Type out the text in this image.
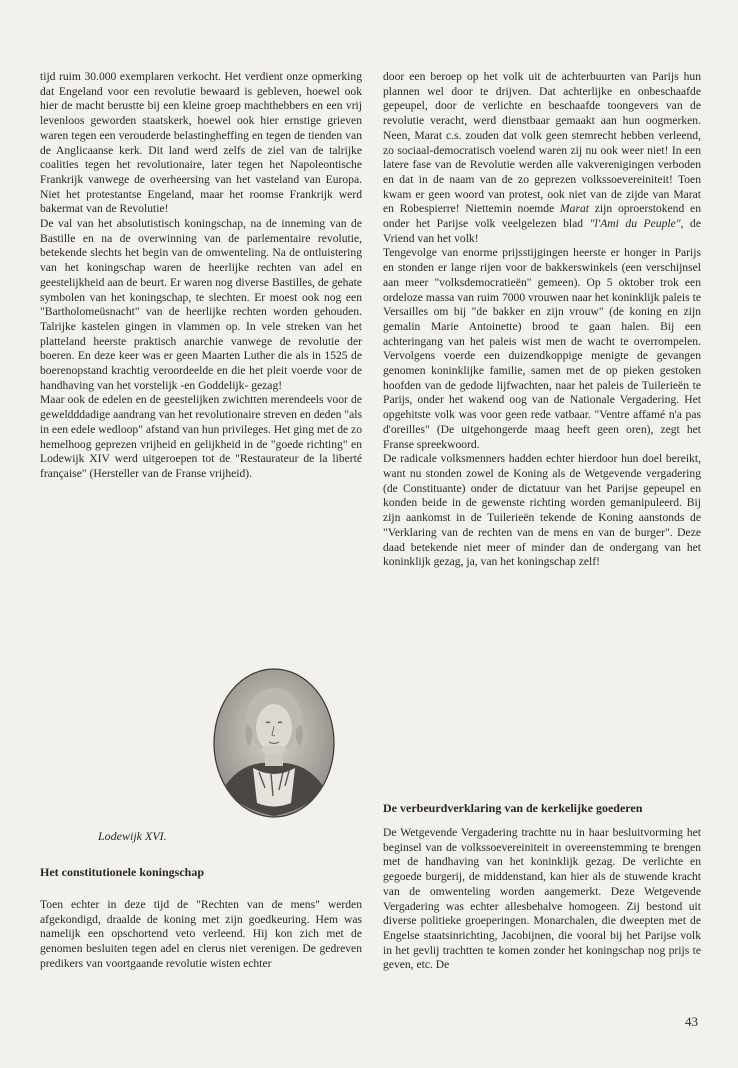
tijd ruim 30.000 exemplaren verkocht. Het verdient onze opmerking dat Engeland voor een revolutie bewaard is gebleven, hoewel ook hier de macht berustte bij een kleine groep machthebbers en een vrij levenloos geworden staatskerk, hoewel ook hier ernstige grieven waren tegen een verouderde belastingheffing en tegen de tienden van de Anglicaanse kerk. Dit land werd zelfs de ziel van de talrijke coalities tegen het revolutionaire, later tegen het Napoleontische Frankrijk vanwege de overheersing van het vasteland van Europa. Niet het protestantse Engeland, maar het roomse Frankrijk werd bakermat van de Revolutie!

De val van het absolutistisch koningschap, na de inneming van de Bastille en na de overwinning van de parlementaire revolutie, betekende slechts het begin van de omwenteling. Na de ontluistering van het koningschap waren de heerlijke rechten van adel en geestelijkheid aan de beurt. Er waren nog diverse Bastilles, de gehate symbolen van het koningschap, te slechten. Er moest ook nog een "Bartholomeüsnacht" van de heerlijke rechten worden gehouden. Talrijke kastelen gingen in vlammen op. In vele streken van het platteland heerste praktisch anarchie vanwege de revolutie der boeren. En deze keer was er geen Maarten Luther die als in 1525 de boerenopstand krachtig veroordeelde en die het pleit voerde voor de handhaving van het vorstelijk -en Goddelijk- gezag!

Maar ook de edelen en de geestelijken zwichtten merendeels voor de geweldddadige aandrang van het revolutionaire streven en deden "als in een edele wedloop" afstand van hun privileges. Het ging met de zo hemelhoog geprezen vrijheid en gelijkheid in de "goede richting" en Lodewijk XIV werd uitgeroepen tot de "Restaurateur de la liberté française" (Hersteller van de Franse vrijheid).

Lodewijk XVI.
Het constitutionele koningschap

Toen echter in deze tijd de "Rechten van de mens" werden afgekondigd, draalde de koning met zijn goedkeuring. Hem was namelijk een opschortend veto verleend. Hij kon zich met de genomen besluiten tegen adel en clerus niet verenigen. De gedreven predikers van voortgaande revolutie wisten echter

door een beroep op het volk uit de achterbuurten van Parijs hun plannen wel door te drijven. Dat achterlijke en onbeschaafde gepeupel, door de verlichte en beschaafde toongevers van de revolutie veracht, werd dienstbaar gemaakt aan hun oogmerken. Neen, Marat c.s. zouden dat volk geen stemrecht hebben verleend, zo sociaal-democratisch voelend waren zij nu ook weer niet! In een latere fase van de Revolutie werden alle vakverenigingen verboden en dat in de naam van de zo geprezen volkssoevereiniteit! Toen kwam er geen woord van protest, ook niet van de zijde van Marat en Robespierre! Niettemin noemde Marat zijn oproerstokend en onder het Parijse volk veelgelezen blad "l'Ami du Peuple", de Vriend van het volk!

Tengevolge van enorme prijsstijgingen heerste er honger in Parijs en stonden er lange rijen voor de bakkerswinkels (een verschijnsel aan meer "volksdemocratieën" gemeen). Op 5 oktober trok een ordeloze massa van ruim 7000 vrouwen naar het koninklijk paleis te Versailles om bij "de bakker en zijn vrouw" (de koning en zijn gemalin Marie Antoinette) brood te gaan halen. Bij een achteringang van het paleis wist men de wacht te overrompelen. Vervolgens voerde een duizendkoppige menigte de gevangen genomen koninklijke familie, samen met de op pieken gestoken hoofden van de gedode lijfwachten, naar het paleis de Tuilerieën te Parijs, onder het wakend oog van de Nationale Vergadering. Het opgehitste volk was voor geen rede vatbaar. "Ventre affamé n'a pas d'oreilles" (De uitgehongerde maag heeft geen oren), zegt het Franse spreekwoord.

De radicale volksmenners hadden echter hierdoor hun doel bereikt, want nu stonden zowel de Koning als de Wetgevende vergadering (de Constituante) onder de dictatuur van het Parijse gepeupel en konden beide in de gewenste richting worden gemanipuleerd. Bij zijn aankomst in de Tuilerieën tekende de Koning aanstonds de "Verklaring van de rechten van de mens en van de burger". Deze daad betekende niet meer of minder dan de ondergang van het koninklijk gezag, ja, van het koningschap zelf!

De verbeurdverklaring van de kerkelijke goederen

De Wetgevende Vergadering trachtte nu in haar besluitvorming het beginsel van de volkssoevereiniteit in overeenstemming te brengen met de handhaving van het koninklijk gezag. De verlichte en gegoede burgerij, de middenstand, kan hier als de stuwende kracht van de omwenteling worden aangemerkt. Deze Wetgevende Vergadering was echter allesbehalve homogeen. Zij bestond uit diverse politieke groeperingen. Monarchalen, die dweepten met de Engelse staatsinrichting, Jacobijnen, die vooral bij het Parijse volk in het gevlij trachtten te komen zonder het koningschap nog prijs te geven, etc. De

43
